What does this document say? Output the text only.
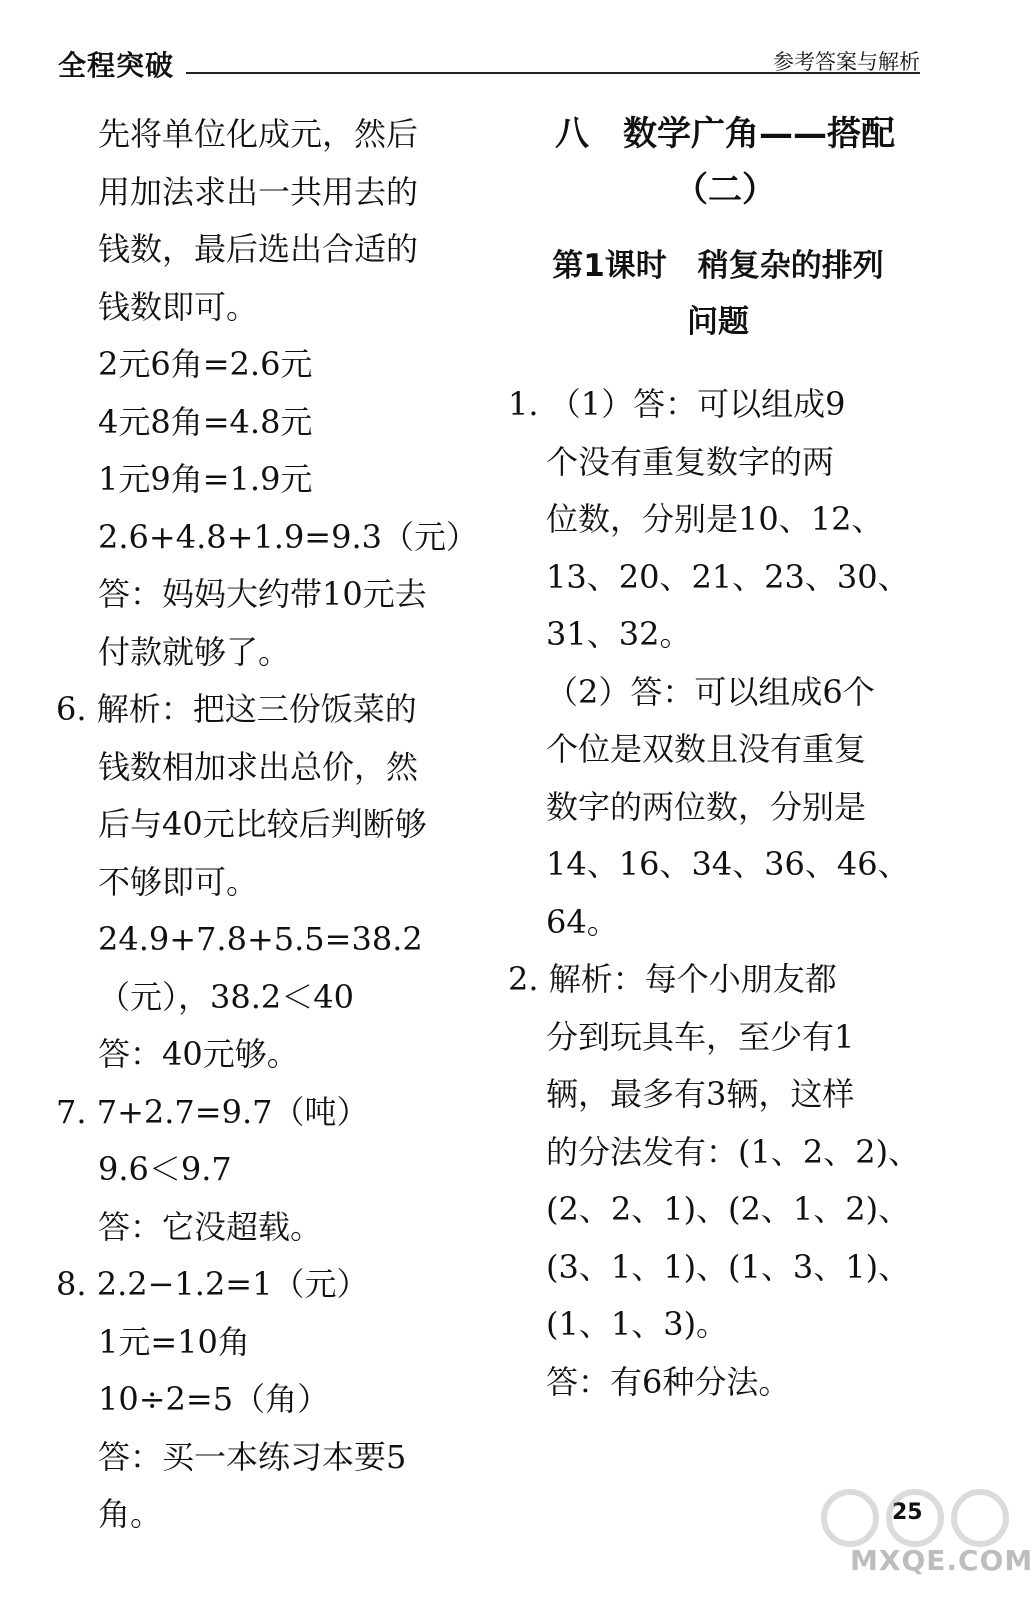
全程突破	参考答案与解析
先将单位化成元，然后
用加法求出一共用去的
钱数，最后选出合适的
钱数即可。
2元6角=2.6元
4元8角=4.8元
1元9角=1.9元
2.6+4.8+1.9=9.3（元）
答：妈妈大约带10元去
付款就够了。
6. 解析：把这三份饭菜的
钱数相加求出总价，然
后与40元比较后判断够
不够即可。
24.9+7.8+5.5=38.2
（元），38.2＜40
答：40元够。
7. 7+2.7=9.7（吨）
9.6＜9.7
答：它没超载。
8. 2.2−1.2=1（元）
1元=10角
10÷2=5（角）
答：买一本练习本要5
角。
八　数学广角——搭配
（二）
第1课时　稍复杂的排列
问题
1. （1）答：可以组成9
个没有重复数字的两
位数，分别是10、12、
13、20、21、23、30、
31、32。
（2）答：可以组成6个
个位是双数且没有重复
数字的两位数，分别是
14、16、34、36、46、
64。
2. 解析：每个小朋友都
分到玩具车，至少有1
辆，最多有3辆，这样
的分法发有：(1、2、2)、
(2、2、1)、(2、1、2)、
(3、1、1)、(1、3、1)、
(1、1、3)。
答：有6种分法。
25
MXQE.COM
